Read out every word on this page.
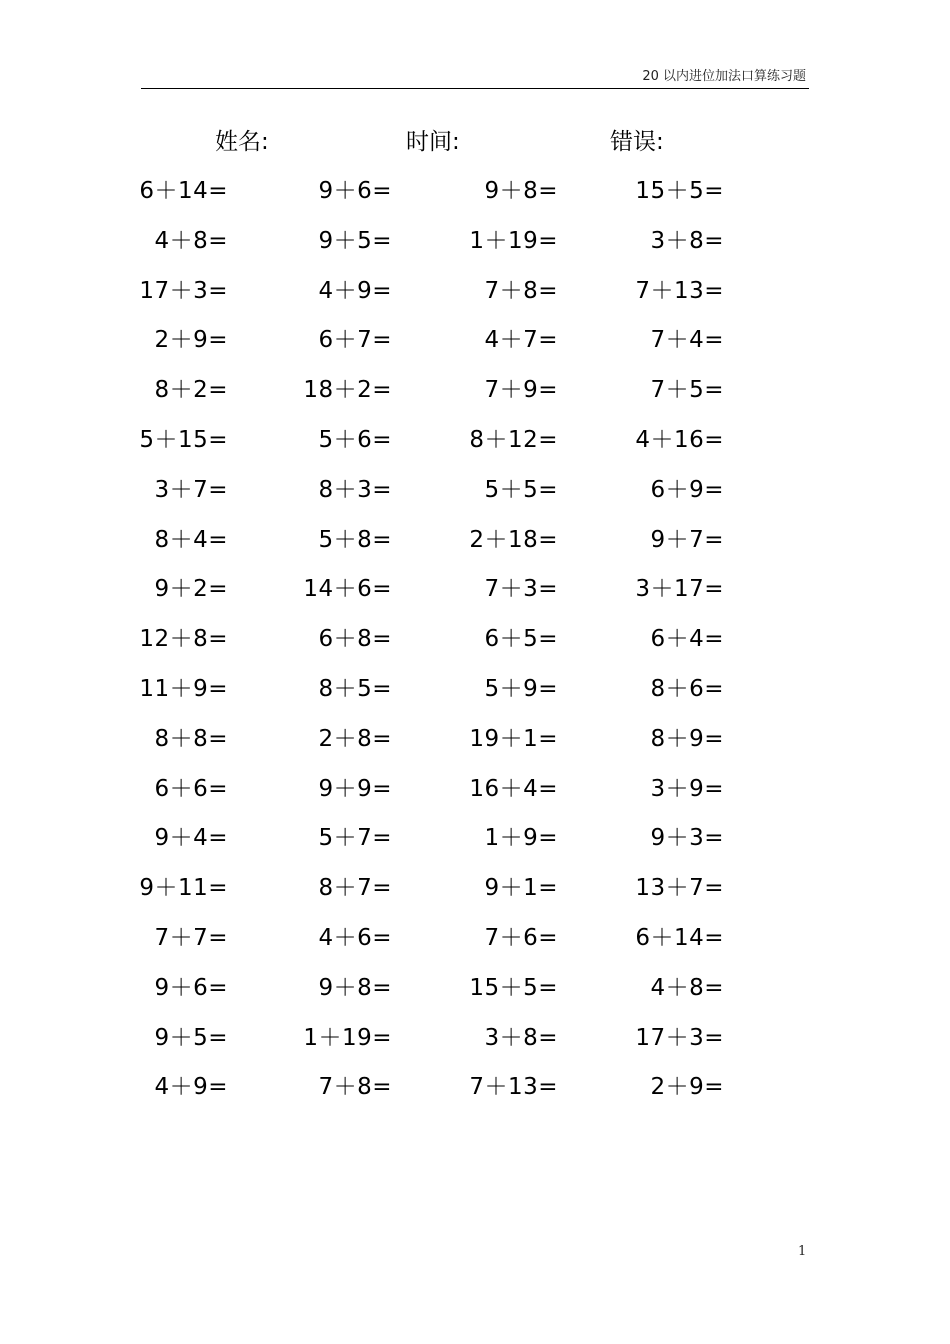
20 以内进位加法口算练习题
姓名:	时间:	错误:
6＋14=	9＋6=	9＋8=	15＋5=
4＋8=	9＋5=	1＋19=	3＋8=
17＋3=	4＋9=	7＋8=	7＋13=
2＋9=	6＋7=	4＋7=	7＋4=
8＋2=	18＋2=	7＋9=	7＋5=
5＋15=	5＋6=	8＋12=	4＋16=
3＋7=	8＋3=	5＋5=	6＋9=
8＋4=	5＋8=	2＋18=	9＋7=
9＋2=	14＋6=	7＋3=	3＋17=
12＋8=	6＋8=	6＋5=	6＋4=
11＋9=	8＋5=	5＋9=	8＋6=
8＋8=	2＋8=	19＋1=	8＋9=
6＋6=	9＋9=	16＋4=	3＋9=
9＋4=	5＋7=	1＋9=	9＋3=
9＋11=	8＋7=	9＋1=	13＋7=
7＋7=	4＋6=	7＋6=	6＋14=
9＋6=	9＋8=	15＋5=	4＋8=
9＋5=	1＋19=	3＋8=	17＋3=
4＋9=	7＋8=	7＋13=	2＋9=
1
